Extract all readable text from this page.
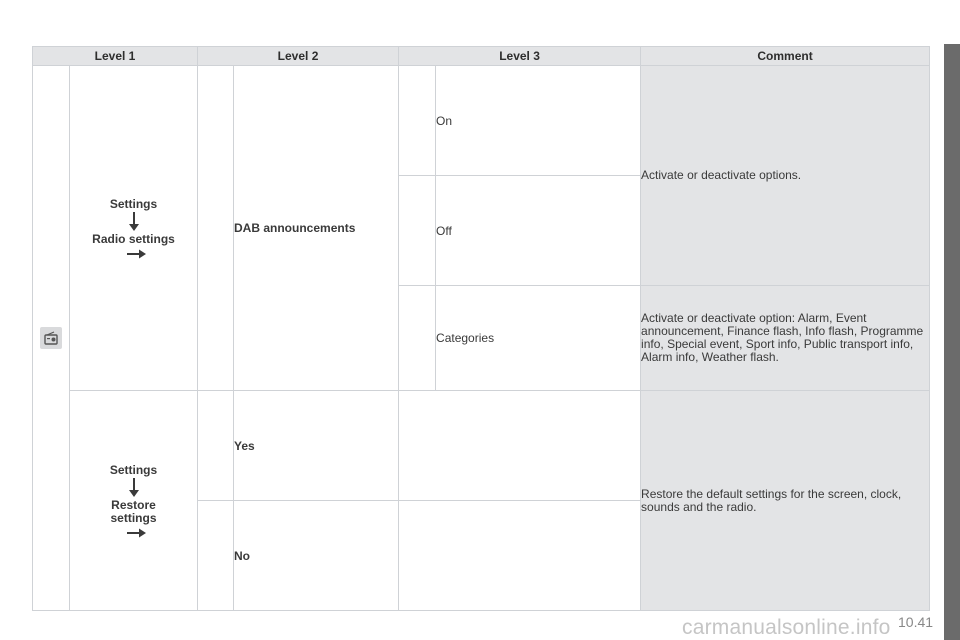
Level 1		Level 2		Level 3		Comment

Settings
Radio settings		DAB announcements		On	Activate or deactivate options.
					Off	
					Categories	Activate or deactivate option: Alarm, Event announcement, Finance flash, Info flash, Programme info, Special event, Sport info, Public transport info, Alarm info, Weather flash.

	Settings
Restore settings		Yes			Restore the default settings for the screen, clock, sounds and the radio.
			No			
carmanualsonline.info 10.41
